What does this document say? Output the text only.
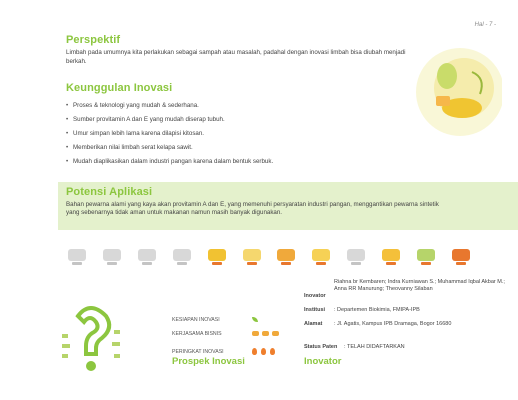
Hal - 7 -
Perspektif
Limbah pada umumnya kita perlakukan sebagai sampah atau masalah, padahal dengan inovasi limbah bisa diubah menjadi berkah.
Keunggulan Inovasi
• Proses & teknologi yang mudah & sederhana.
• Sumber provitamin A dan E yang mudah diserap tubuh.
• Umur simpan lebih lama karena dilapisi kitosan.
• Memberikan nilai limbah serat kelapa sawit.
• Mudah diaplikasikan dalam industri pangan karena dalam bentuk serbuk.
Potensi Aplikasi
Bahan pewarna alami yang kaya akan provitamin A dan E, yang memenuhi persyaratan industri pangan, menggantikan pewarna sintetik yang sebenarnya tidak aman untuk makanan namun masih banyak digunakan.
KESIAPAN INOVASI
KERJASAMA BISNIS
PERINGKAT INOVASI
Prospek Inovasi
Riahna br Kembaren; Indra Kurniawan S.; Muhammad Iqbal Akbar M.; Anna RR Manurung; Theovanny Silaban
Inovator
Institusi : Departemen Biokimia, FMIPA-IPB
Alamat : Jl. Agatis, Kampus IPB Dramaga, Bogor 16680
Status Paten : TELAH DIDAFTARKAN
Inovator
